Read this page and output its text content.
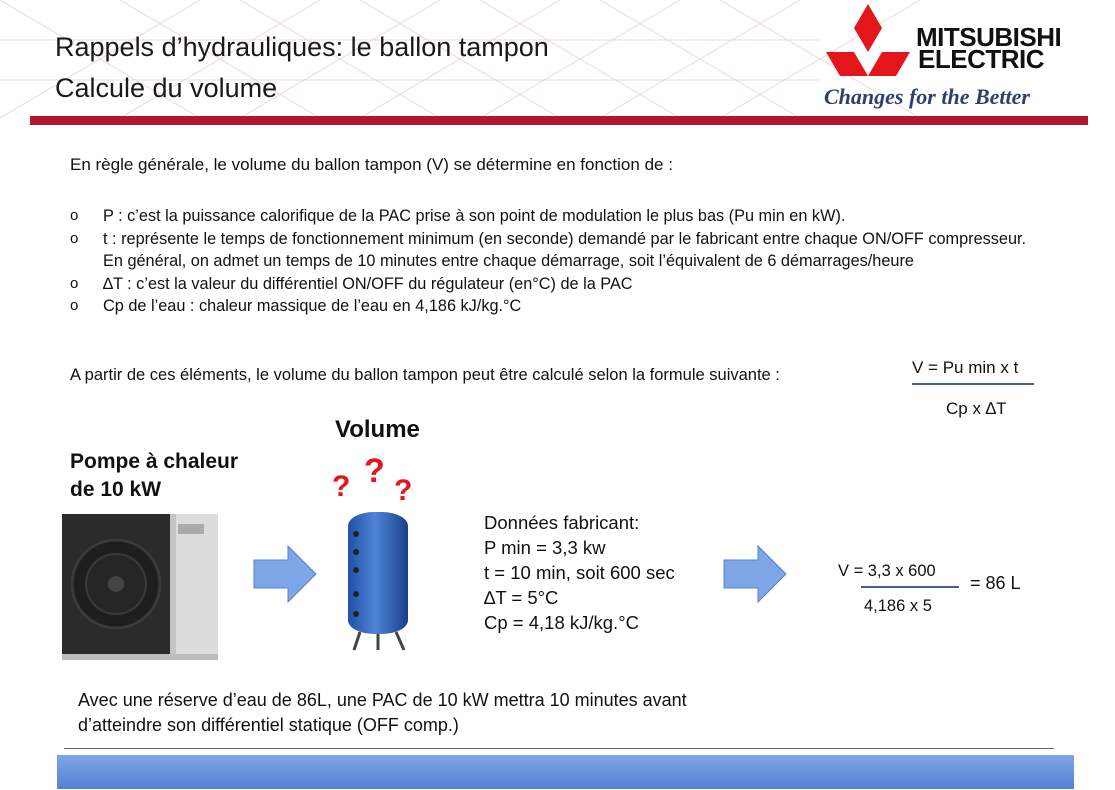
Rappels d’hydrauliques: le ballon tampon
Calcule du volume
MITSUBISHI
ELECTRIC
Changes for the Better
En règle générale, le volume du ballon tampon (V) se détermine en fonction de :
o P : c’est la puissance calorifique de la PAC prise à son point de modulation le plus bas (Pu min en kW).
o t : représente le temps de fonctionnement minimum (en seconde) demandé par le fabricant entre chaque ON/OFF compresseur. En général, on admet un temps de 10 minutes entre chaque démarrage, soit l’équivalent de 6 démarrages/heure
o ∆T : c’est la valeur du différentiel ON/OFF du régulateur (en°C) de la PAC
o Cp de l’eau : chaleur massique de l’eau en 4,186 kJ/kg.°C
A partir de ces éléments, le volume du ballon tampon peut être calculé selon la formule suivante :	V = Pu min x t
Cp x ∆T
Volume
Pompe à chaleur
de 10 kW	? ?
?
Données fabricant:
P min = 3,3 kw
t = 10 min, soit 600 sec
∆T = 5°C
Cp = 4,18 kJ/kg.°C
V = 3,3 x 600
4,186 x 5
= 86 L
Avec une réserve d’eau de 86L, une PAC de 10 kW mettra 10 minutes avant
d’atteindre son différentiel statique (OFF comp.)
